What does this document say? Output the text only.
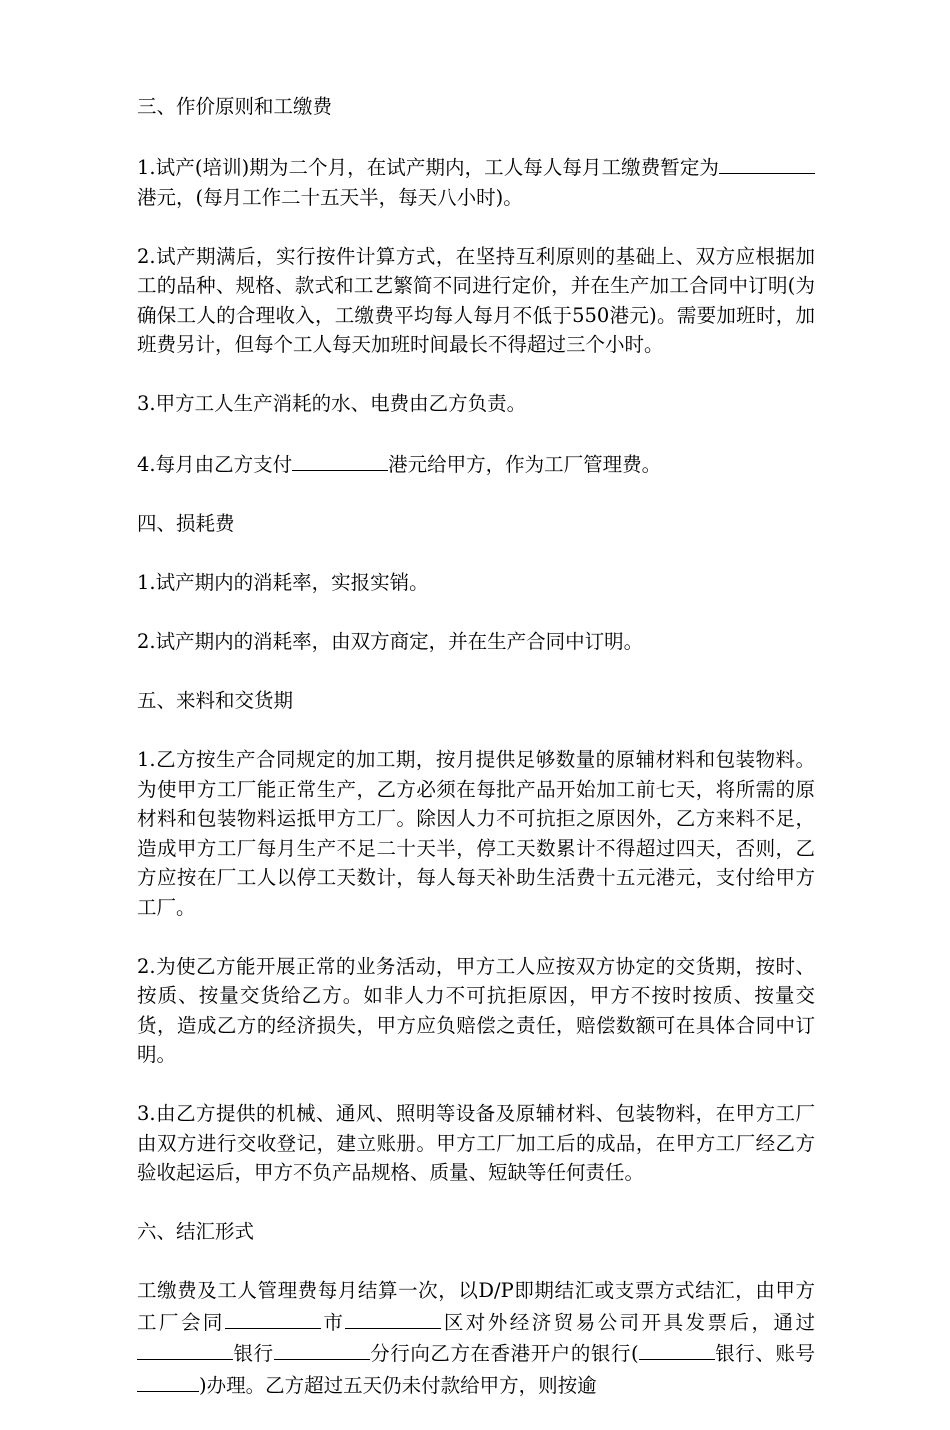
三、作价原则和工缴费

1.试产(培训)期为二个月，在试产期内，工人每人每月工缴费暂定为港元，(每月工作二十五天半，每天八小时)。

2.试产期满后，实行按件计算方式，在坚持互利原则的基础上、双方应根据加工的品种、规格、款式和工艺繁简不同进行定价，并在生产加工合同中订明(为确保工人的合理收入，工缴费平均每人每月不低于550港元)。需要加班时，加班费另计，但每个工人每天加班时间最长不得超过三个小时。

3.甲方工人生产消耗的水、电费由乙方负责。

4.每月由乙方支付	港元给甲方，作为工厂管理费。

四、损耗费

1.试产期内的消耗率，实报实销。

2.试产期内的消耗率，由双方商定，并在生产合同中订明。

五、来料和交货期

1.乙方按生产合同规定的加工期，按月提供足够数量的原辅材料和包装物料。为使甲方工厂能正常生产，乙方必须在每批产品开始加工前七天，将所需的原材料和包装物料运抵甲方工厂。除因人力不可抗拒之原因外，乙方来料不足，造成甲方工厂每月生产不足二十天半，停工天数累计不得超过四天，否则，乙方应按在厂工人以停工天数计，每人每天补助生活费十五元港元，支付给甲方工厂。

2.为使乙方能开展正常的业务活动，甲方工人应按双方协定的交货期，按时、按质、按量交货给乙方。如非人力不可抗拒原因，甲方不按时按质、按量交货，造成乙方的经济损失，甲方应负赔偿之责任，赔偿数额可在具体合同中订明。

3.由乙方提供的机械、通风、照明等设备及原辅材料、包装物料，在甲方工厂由双方进行交收登记，建立账册。甲方工厂加工后的成品，在甲方工厂经乙方验收起运后，甲方不负产品规格、质量、短缺等任何责任。

六、结汇形式

工缴费及工人管理费每月结算一次，以D/P即期结汇或支票方式结汇，由甲方工厂会同	市	区对外经济贸易公司开具发票后，通过银行	分行向乙方在香港开户的银行(	银行、账号)办理。乙方超过五天仍未付款给甲方，则按逾
